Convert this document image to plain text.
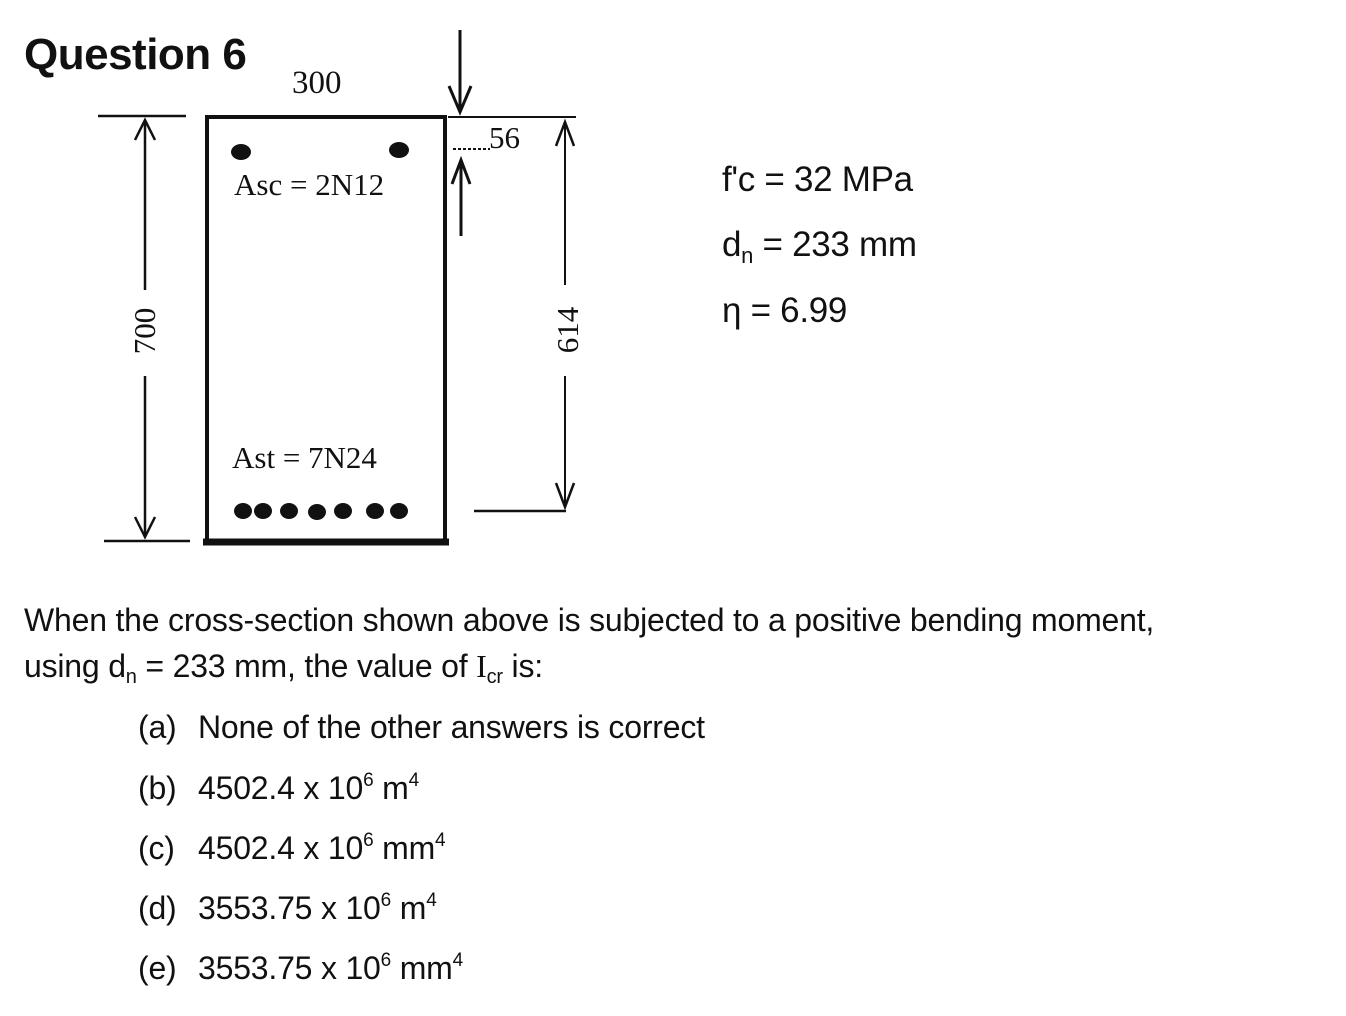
Question 6
300
Asc = 2N12
Ast = 7N24
700
56
614
f'c = 32 MPa
$d_n = 233$ mm
η = 6.99
When the cross-section shown above is subjected to a positive bending moment,
using $d_n = 233$ mm, the value of $I_{cr}$ is:
(a) None of the other answers is correct
(b) 4502.4 x $10^6$ $m^4$
(c) 4502.4 x $10^6$ $mm^4$
(d) 3553.75 x $10^6$ $m^4$
(e) 3553.75 x $10^6$ $mm^4$
